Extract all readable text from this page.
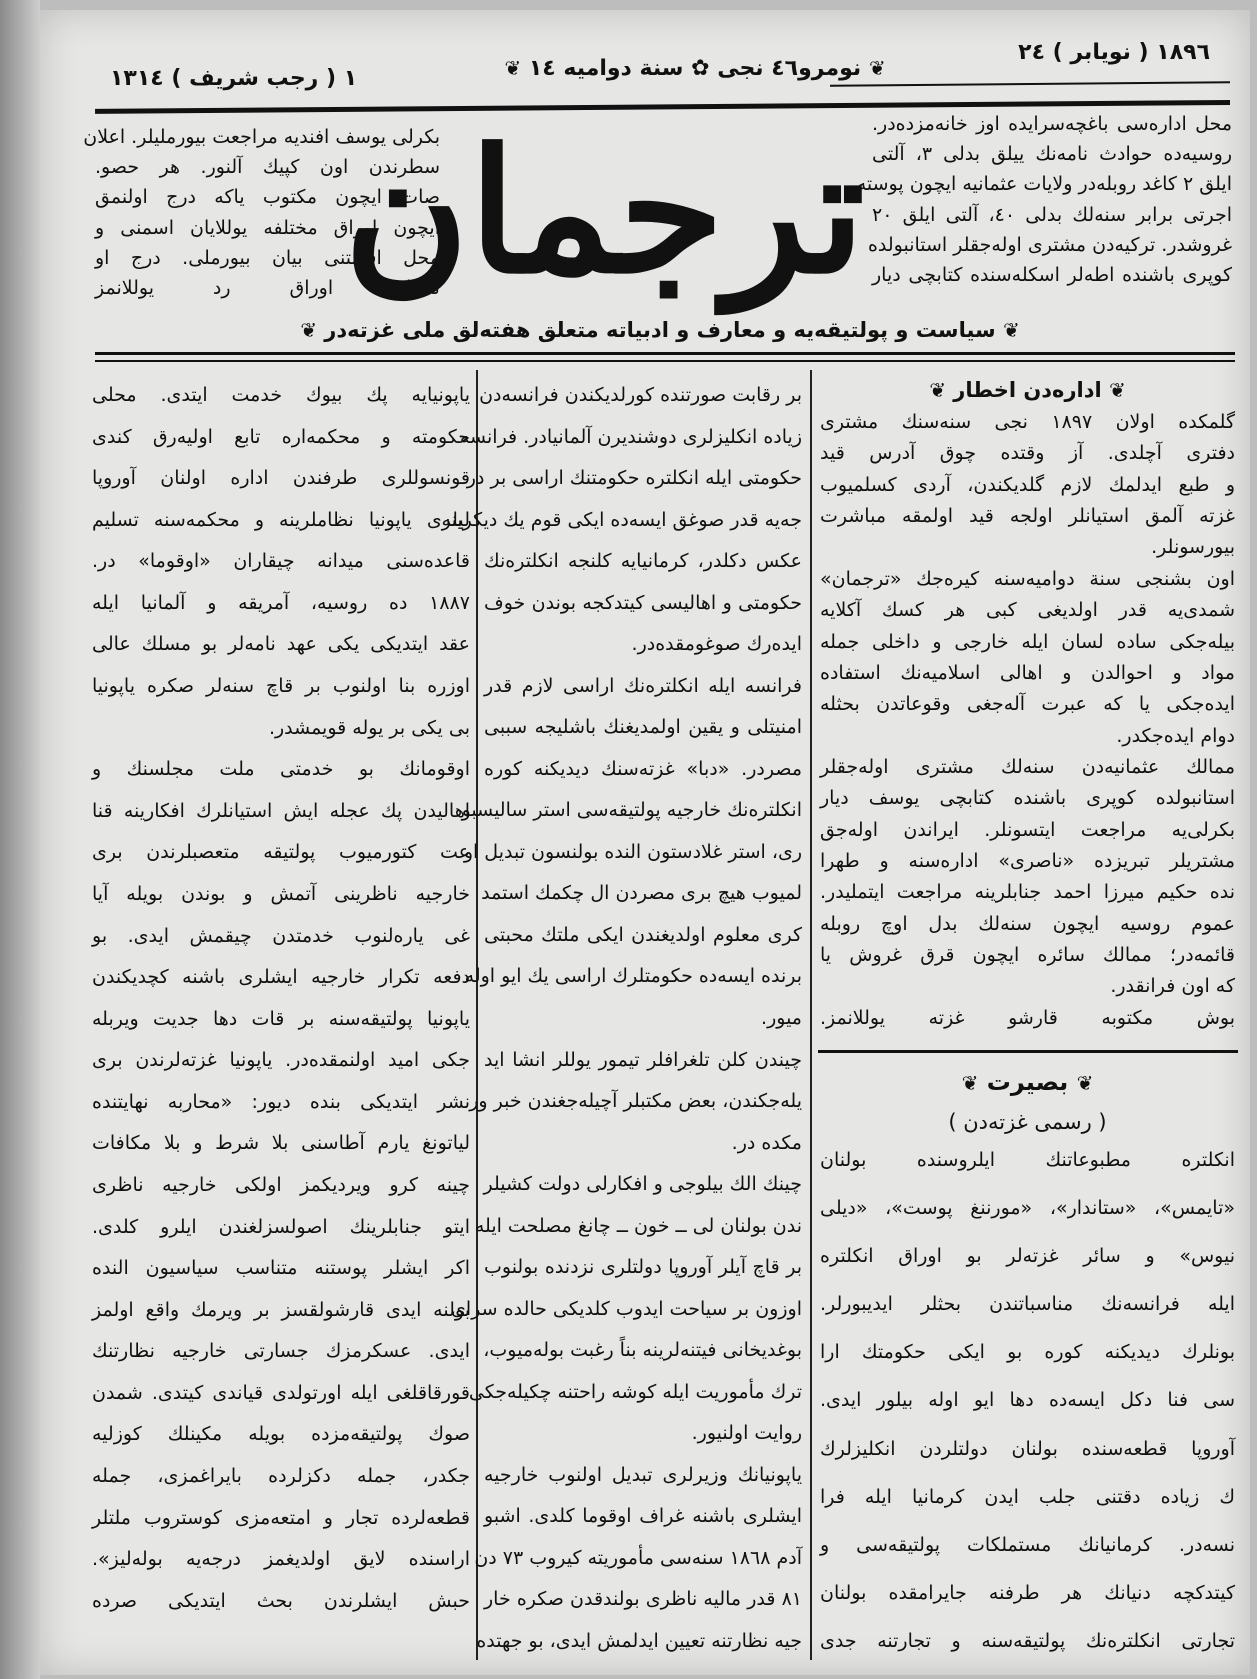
١٨٩٦ ( نويابر ) ٢٤
❦ نومرو٤٦ نجى ✿ سنة دواميه ١٤ ❦
١ ( رجب شريف ) ١٣١٤
ترجمان محل اداره‌سى باغچه‌سرايده اوز خانه‌مزده‌در.
روسيه‌ده حوادث نامه‌نك ييلق بدلى ٣، آلتى
ايلق ٢ كاغد روبله‌در ولايات عثمانيه ايچون پوسته
اجرتى برابر سنه‌لك بدلى ٤٠، آلتى ايلق ٢٠
غروشدر. تركيه‌دن مشترى اوله‌جقلر استانبولده
كوپرى باشنده اطه‌لر اسكله‌سنده كتابچى ديار
بكرلى يوسف افنديه مراجعت بيورمليلر. اعلان
سطرندن اون كپيك آلنور. هر حصو.
صات ايچون مكتوب ياكه درج اولنمق
ايچون اوراق مختلفه يوللايان اسمنى و
محل اقامتنى بيان بيورملى. درج او
لنميان اوراق رد يوللانمز
❦ سياست و پولتيقه‌يه و معارف و ادبياته متعلق هفته‌لق ملى غزته‌در ❦
❦ اداره‌دن اخطار ❦
گلمكده اولان ١٨٩٧ نجى سنه‌سنك مشترى
دفترى آچلدى. آز وقتده چوق آدرس قيد
و طبع ايدلمك لازم گلديكندن، آردى كسلميوب
غزته آلمق استيانلر اولجه قيد اولمقه مباشرت
بيورسونلر.
اون بشنجى سنة دواميه‌سنه كيره‌جك «ترجمان»
شمدى‌يه قدر اولديغى كبى هر كسك آكلايه
بيله‌جكى ساده لسان ايله خارجى و داخلى جمله
مواد و احوالدن و اهالى اسلاميه‌نك استفاده
ايده‌جكى يا كه عبرت آله‌جغى وقوعاتدن بحثله
دوام ايده‌جكدر.
ممالك عثمانيه‌دن سنه‌لك مشترى اوله‌جقلر
استانبولده كوپرى باشنده كتابچى يوسف ديار
بكرلى‌يه مراجعت ايتسونلر. ايراندن اوله‌جق
مشتريلر تبريزده «ناصرى» اداره‌سنه و طهرا
نده حكيم ميرزا احمد جنابلرينه مراجعت ايتمليدر.
عموم روسيه ايچون سنه‌لك بدل اوچ روبله
قائمه‌در؛ ممالك سائره ايچون قرق غروش يا
كه اون فرانقدر.
بوش مكتوبه قارشو غزته يوللانمز.
❦ بصيرت ❦
( رسمى غزته‌دن )
انكلتره مطبوعاتنك ايلروسنده بولنان
«تايمس»، «ستاندار»، «مورننغ پوست»، «ديلى
نيوس» و سائر غزته‌لر بو اوراق انكلتره
ايله فرانسه‌نك مناسباتندن بحثلر ايديبورلر.
بونلرك ديديكنه كوره بو ايكى حكومتك ارا
سى فنا دكل ايسه‌ده دها ايو اوله بيلور ايدى.
آوروپا قطعه‌سنده بولنان دولتلردن انكليزلرك
ك زياده دقتنى جلب ايدن كرمانيا ايله فرا
نسه‌در. كرمانيانك مستملكات پولتيقه‌سى و
كيتدكچه دنيانك هر طرفنه جايرامقده بولنان
تجارتى انكلتره‌نك پولتيقه‌سنه و تجارتنه جدى
بر رقابت صورتنده كورلديكندن فرانسه‌دن
زياده انكليزلرى دوشنديرن آلمانيادر. فرانسه
حكومتى ايله انكلتره حكومتنك اراسى بر در
جه‌يه قدر صوغق ايسه‌ده ايكى قوم يك ديكرينه
عكس دكلدر، كرمانيايه كلنجه انكلتره‌نك
حكومتى و اهاليسى كيتدكجه بوندن خوف
ايده‌رك صوغومقده‌در.
فرانسه ايله انكلتره‌نك اراسى لازم قدر
امنيتلى و يقين اولمديغنك باشليجه سببى
مصردر. «دبا» غزته‌سنك ديديكنه كوره
انكلتره‌نك خارجيه پولتيقه‌سى استر ساليسبو
رى، استر غلادستون النده بولنسون تبديل او
لميوب هيچ برى مصردن ال چكمك استمد
كرى معلوم اولديغندن ايكى ملتك محبتى
برنده ايسه‌ده حكومتلرك اراسى يك ايو اوله
ميور.
چيندن كلن تلغرافلر تيمور يوللر انشا ايد
يله‌جكندن، بعض مكتبلر آچيله‌جغندن خبر ور
مكده در.
چينك الك بيلوجى و افكارلى دولت كشيلر
ندن بولنان لى ــ خون ــ چانغ مصلحت ايله
بر قاچ آيلر آوروپا دولتلرى نزدنده بولنوب
اوزون بر سياحت ايدوب كلديكى حالده سراى
بوغديخانى فيتنه‌لرينه بناً رغبت بوله‌ميوب،
ترك مأموريت ايله كوشه راحتنه چكيله‌جكى
روايت اولنيور.
ياپونيانك وزيرلرى تبديل اولنوب خارجيه
ايشلرى باشنه غراف اوقوما كلدى. اشبو
آدم ١٨٦٨ سنه‌سى مأموريته كيروب ٧٣ دن
٨١ قدر ماليه ناظرى بولندقدن صكره خار
جيه نظارتنه تعيين ايدلمش ايدى، بو جهتده
ياپونيايه پك بيوك خدمت ايتدى. محلى
حكومته و محكمه‌اره تابع اوليه‌رق كندى
قونسوللرى طرفندن اداره اولنان آوروپا
ليلرى ياپونيا نظاملرينه و محكمه‌سنه تسليم
قاعده‌سنى ميدانه چيقاران «اوقوما» در.
١٨٨٧ ده روسيه، آمريقه و آلمانيا ايله
عقد ايتديكى يكى عهد نامه‌لر بو مسلك عالى
اوزره بنا اولنوب بر قاچ سنه‌لر صكره ياپونيا
بى يكى بر يوله قويمشدر.
اوقومانك بو خدمتى ملت مجلسنك و
اهاليدن پك عجله ايش استيانلرك افكارينه قنا
عت كتورميوب پولتيقه متعصبلرندن برى
خارجيه ناظرينى آتمش و بوندن بويله آيا
غى ياره‌لنوب خدمتدن چيقمش ايدى. بو
دفعه تكرار خارجيه ايشلرى باشنه كچديكندن
ياپونيا پولتيقه‌سنه بر قات دها جديت ويربله
جكى اميد اولنمقده‌در. ياپونيا غزته‌لرندن برى
نشر ايتديكى بنده ديور: «محاربه نهايتنده
لياتونغ يارم آطاسنى بلا شرط و بلا مكافات
چينه كرو ويرديكمز اولكى خارجيه ناظرى
ايتو جنابلرينك اصولسزلغندن ايلرو كلدى.
اكر ايشلر پوستنه متناسب سياسيون النده
بولنه ايدى قارشولقسز بر ويرمك واقع اولمز
ايدى. عسكرمزك جسارتى خارجيه نظارتنك
قورقاقلغى ايله اورتولدى قياندى كيتدى. شمدن
صوك پولتيقه‌مزده بويله مكينلك كوزليه
جكدر، جمله دكزلرده بايراغمزى، جمله
قطعه‌لرده تجار و امتعه‌مزى كوستروب ملتلر
اراسنده لايق اولديغمز درجه‌يه بوله‌ليز».
حبش ايشلرندن بحث ايتديكى صرده
